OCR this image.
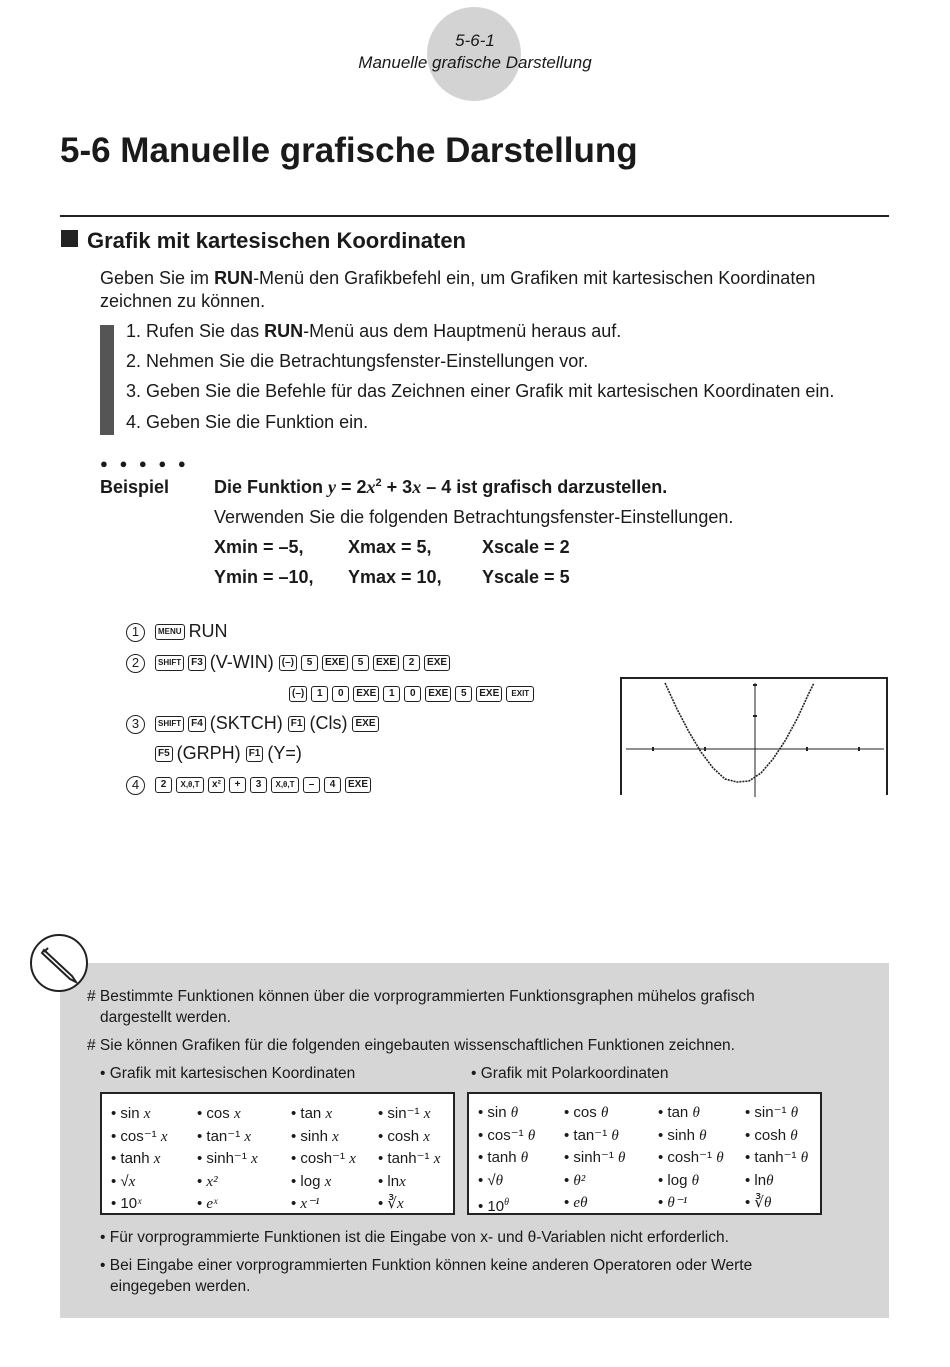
5-6-1
Manuelle grafische Darstellung
5-6 Manuelle grafische Darstellung
Grafik mit kartesischen Koordinaten
Geben Sie im RUN-Menü den Grafikbefehl ein, um Grafiken mit kartesischen Koordinaten zeichnen zu können.
1. Rufen Sie das RUN-Menü aus dem Hauptmenü heraus auf.
2. Nehmen Sie die Betrachtungsfenster-Einstellungen vor.
3. Geben Sie die Befehle für das Zeichnen einer Grafik mit kartesischen Koordinaten ein.
4. Geben Sie die Funktion ein.
● ● ● ● ●
Beispiel Die Funktion $y = 2x^2 + 3x - 4$ ist grafisch darzustellen.
Verwenden Sie die folgenden Betrachtungsfenster-Einstellungen.
Xmin = –5, Xmax = 5,	Xscale = 2
Ymin = –10, Ymax = 10, Yscale = 5
1 MENU RUN
2 SHIFT F3 (V-WIN) (–) 5 EXE 5 EXE 2 EXE
(–) 1 0 EXE 1 0 EXE 5 EXE EXIT
3 SHIFT F4 (SKTCH) F1 (Cls) EXE
F5 (GRPH) F1 (Y=)
4 2 X,θ,T x² + 3 X,θ,T – 4 EXE
# Bestimmte Funktionen können über die vorprogrammierten Funktionsgraphen mühelos grafisch
dargestellt werden.
# Sie können Grafiken für die folgenden eingebauten wissenschaftlichen Funktionen zeichnen.
• Grafik mit kartesischen Koordinaten	• Grafik mit Polarkoordinaten
• sin x
• cos⁻¹ x
• tanh x
• √x
• 10ˣ
• cos x
• tan⁻¹ x
• sinh⁻¹ x
• x²
• eˣ
• tan x
• sinh x
• cosh⁻¹ x
• log x
• x⁻¹
• sin⁻¹ x
• cosh x
• tanh⁻¹ x
• lnx
• ∛x
• sin θ
• cos⁻¹ θ
• tanh θ
• √θ
• $10^\theta$
• cos θ
• tan⁻¹ θ
• sinh⁻¹ θ
• θ²
• eθ
• tan θ
• sinh θ
• cosh⁻¹ θ
• log θ
• θ⁻¹
• sin⁻¹ θ
• cosh θ
• tanh⁻¹ θ
• lnθ
• ∛θ
• Für vorprogrammierte Funktionen ist die Eingabe von x- und θ-Variablen nicht erforderlich.
• Bei Eingabe einer vorprogrammierten Funktion können keine anderen Operatoren oder Werte
eingegeben werden.
